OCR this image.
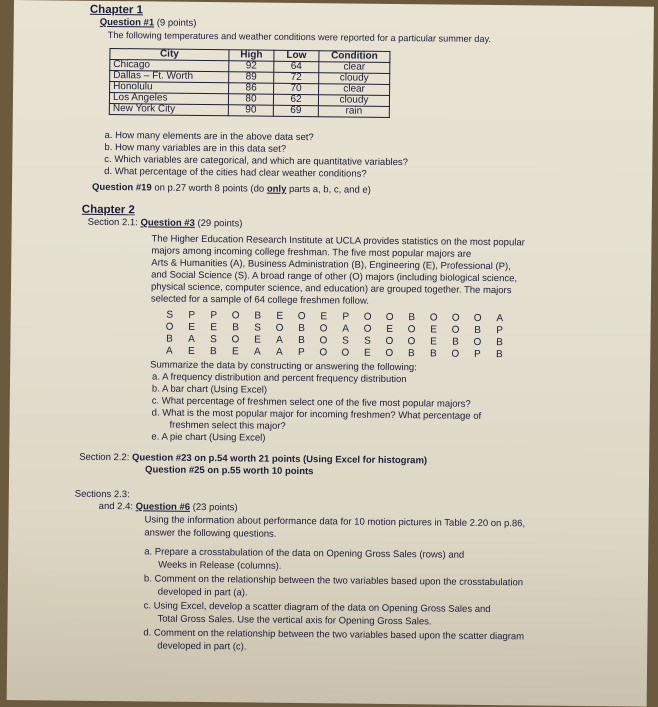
Chapter 1
Question #1 (9 points)
The following temperatures and weather conditions were reported for a particular summer day.
City	High	Low	Condition
Chicago	92	64	clear
Dallas – Ft. Worth	89	72	cloudy
Honolulu	86	70	clear
Los Angeles	80	62	cloudy
New York City	90	69	rain
a. How many elements are in the above data set?
b. How many variables are in this data set?
c. Which variables are categorical, and which are quantitative variables?
d. What percentage of the cities had clear weather conditions?
Question #19 on p.27 worth 8 points (do only parts a, b, c, and e)
Chapter 2
Section 2.1: Question #3 (29 points)
The Higher Education Research Institute at UCLA provides statistics on the most popular
majors among incoming college freshman. The five most popular majors are
Arts & Humanities (A), Business Administration (B), Engineering (E), Professional (P),
and Social Science (S). A broad range of other (O) majors (including biological science,
physical science, computer science, and education) are grouped together. The majors
selected for a sample of 64 college freshmen follow.
S	P	P	O	B	E	O	E	P	O	O	B	O	O	O	A
O	E	E	B	S	O	B	O	A	O	E	O	E	O	B	P
B	A	S	O	E	A	B	O	S	S	O	O	E	B	O	B
A	E	B	E	A	A	P	O	O	E	O	B	B	O	P	B
Summarize the data by constructing or answering the following:
a. A frequency distribution and percent frequency distribution
b. A bar chart (Using Excel)
c. What percentage of freshmen select one of the five most popular majors?
d. What is the most popular major for incoming freshmen? What percentage of
freshmen select this major?
e. A pie chart (Using Excel)
Section 2.2: Question #23 on p.54 worth 21 points (Using Excel for histogram)
Question #25 on p.55 worth 10 points
Sections 2.3:
and 2.4: Question #6 (23 points)
Using the information about performance data for 10 motion pictures in Table 2.20 on p.86,
answer the following questions.
a. Prepare a crosstabulation of the data on Opening Gross Sales (rows) and
Weeks in Release (columns).
b. Comment on the relationship between the two variables based upon the crosstabulation
developed in part (a).
c. Using Excel, develop a scatter diagram of the data on Opening Gross Sales and
Total Gross Sales. Use the vertical axis for Opening Gross Sales.
d. Comment on the relationship between the two variables based upon the scatter diagram
developed in part (c).
